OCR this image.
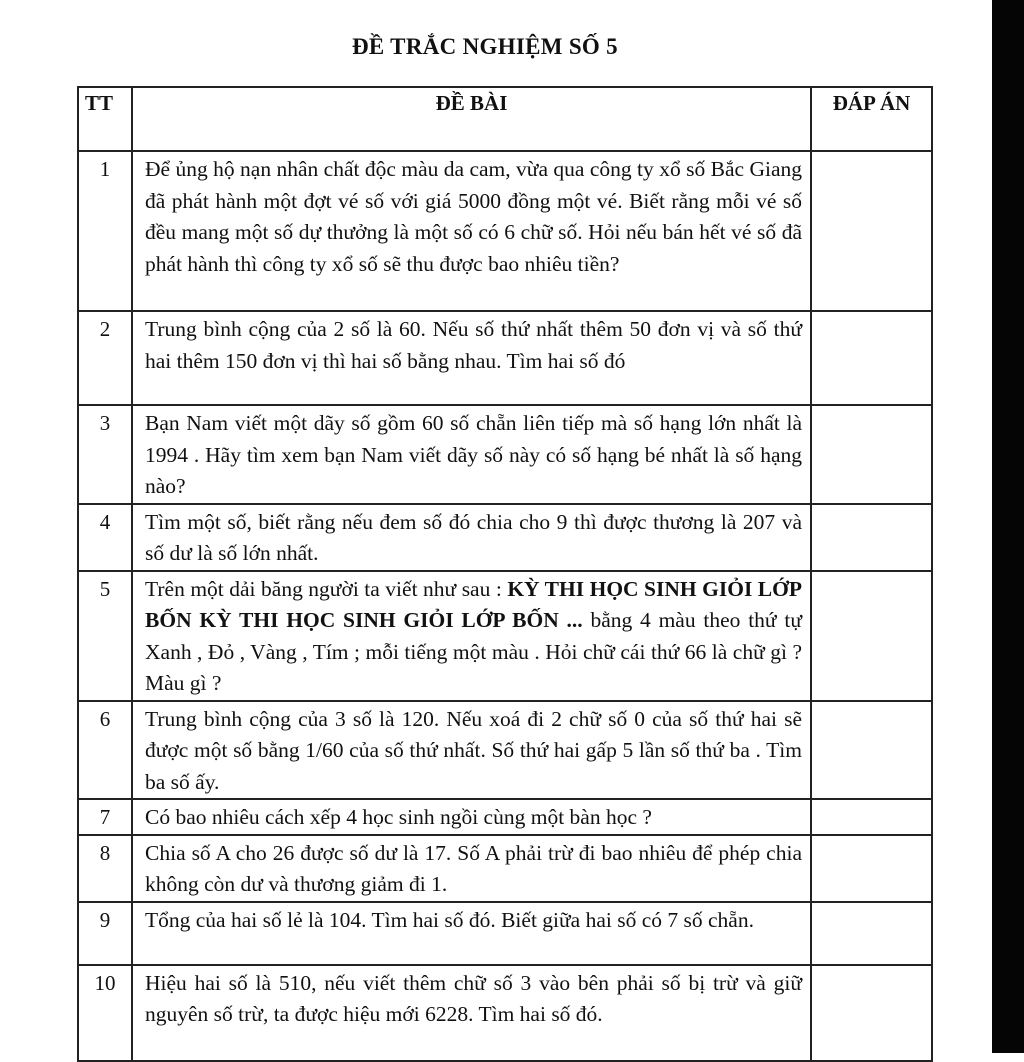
ĐỀ TRẮC NGHIỆM SỐ 5
TT	ĐỀ BÀI	ĐÁP ÁN
1	Để ủng hộ nạn nhân chất độc màu da cam, vừa qua công ty xổ số Bắc Giang đã phát hành một đợt vé số với giá 5000 đồng một vé. Biết rằng mỗi vé số đều mang một số dự thưởng là một số có 6 chữ số. Hỏi nếu bán hết vé số đã phát hành thì công ty xổ số sẽ thu được bao nhiêu tiền?	
2	Trung bình cộng của 2 số là 60. Nếu số thứ nhất thêm 50 đơn vị và số thứ hai thêm 150 đơn vị thì hai số bằng nhau. Tìm hai số đó	
3	Bạn Nam viết một dãy số gồm 60 số chẵn liên tiếp mà số hạng lớn nhất là 1994 . Hãy tìm xem bạn Nam viết dãy số này có số hạng bé nhất là số hạng nào?	
4	Tìm một số, biết rằng nếu đem số đó chia cho 9 thì được thương là 207 và số dư là số lớn nhất.	
5	Trên một dải băng người ta viết như sau : KỲ THI HỌC SINH GIỎI LỚP BỐN KỲ THI HỌC SINH GIỎI LỚP BỐN ... bằng 4 màu theo thứ tự Xanh , Đỏ , Vàng , Tím ; mỗi tiếng một màu . Hỏi chữ cái thứ 66 là chữ gì ? Màu gì ?	
6	Trung bình cộng của 3 số là 120. Nếu xoá đi 2 chữ số 0 của số thứ hai sẽ được một số bằng 1/60 của số thứ nhất. Số thứ hai gấp 5 lần số thứ ba . Tìm ba số ấy.	
7	Có bao nhiêu cách xếp 4 học sinh ngồi cùng một bàn học ?	
8	Chia số A cho 26 được số dư là 17. Số A phải trừ đi bao nhiêu để phép chia không còn dư và thương giảm đi 1.	
9	Tổng của hai số lẻ là 104. Tìm hai số đó. Biết giữa hai số có 7 số chẵn.	
10	Hiệu hai số là 510, nếu viết thêm chữ số 3 vào bên phải số bị trừ và giữ nguyên số trừ, ta được hiệu mới 6228. Tìm hai số đó.	
